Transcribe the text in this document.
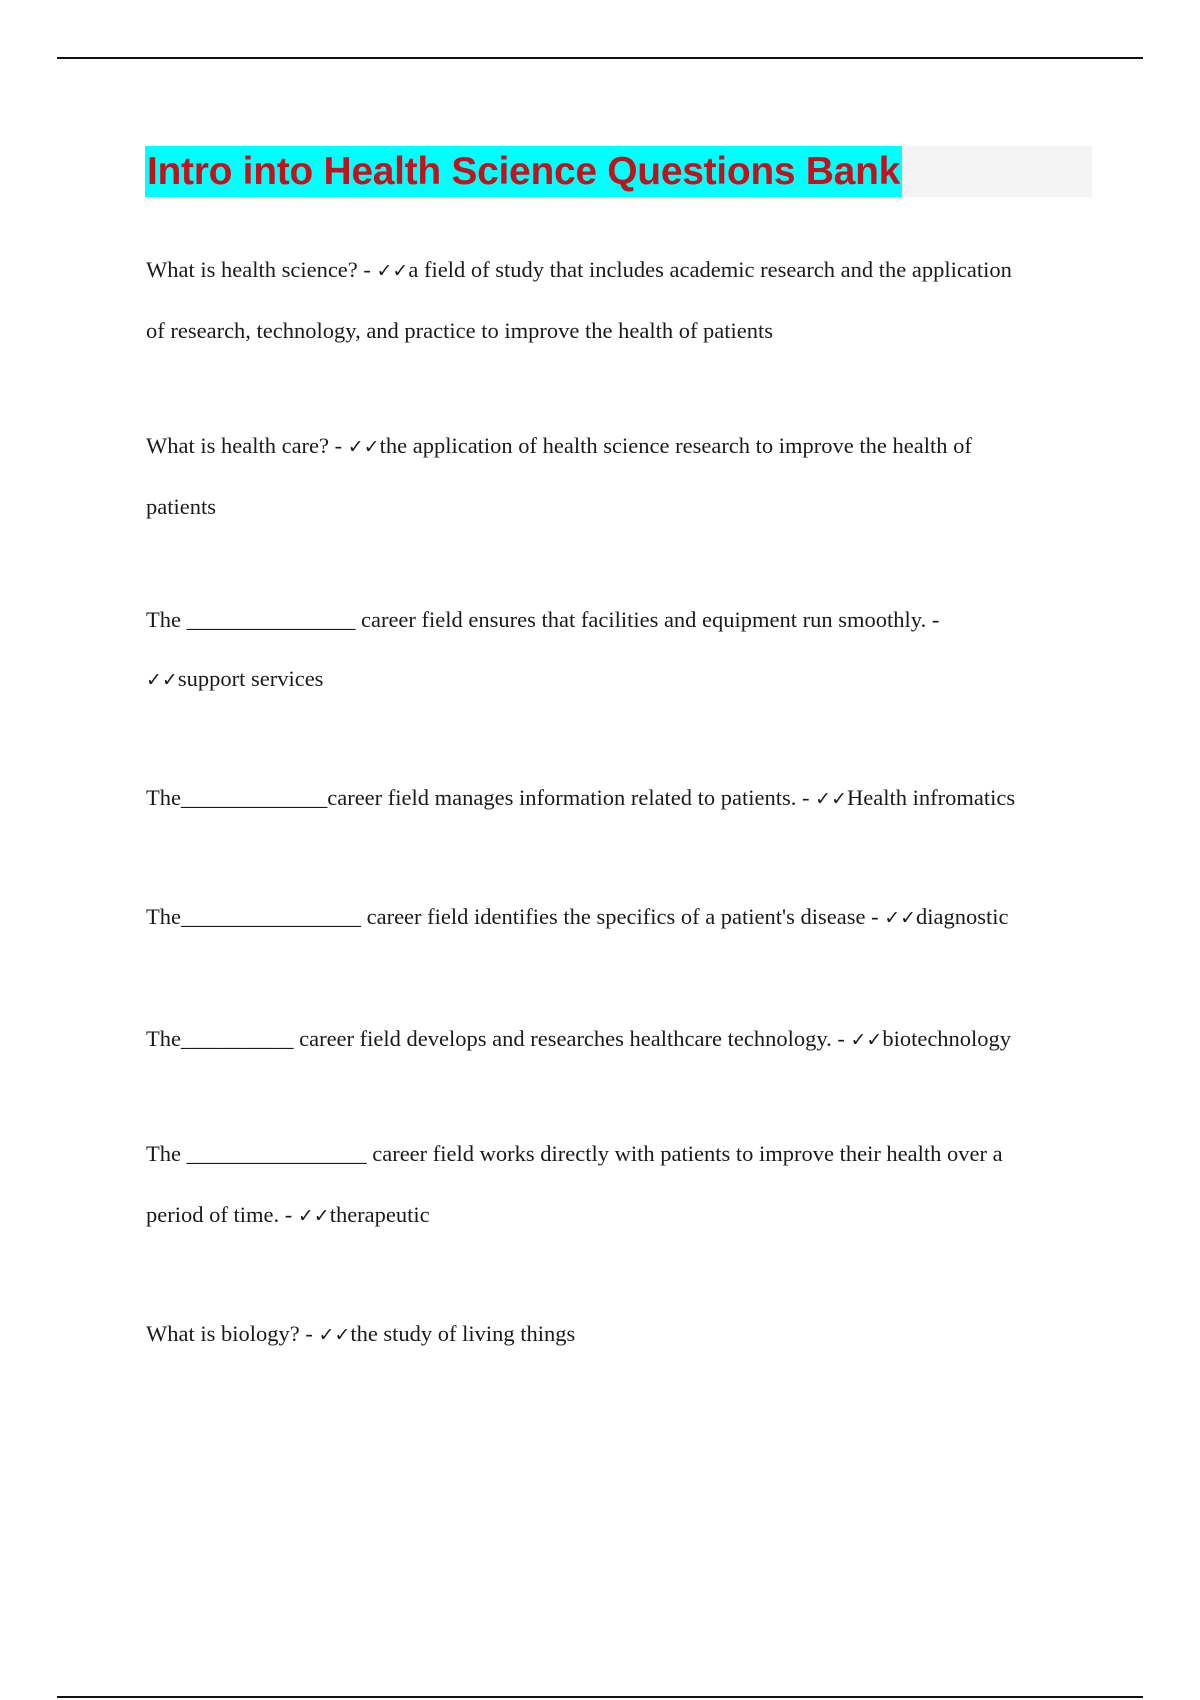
Intro into Health Science Questions Bank
What is health science? - ✓✓a field of study that includes academic research and the application
of research, technology, and practice to improve the health of patients
What is health care? - ✓✓the application of health science research to improve the health of
patients
The _______________ career field ensures that facilities and equipment run smoothly. -
✓✓support services
The_____________career field manages information related to patients. - ✓✓Health infromatics
The________________ career field identifies the specifics of a patient's disease - ✓✓diagnostic
The__________ career field develops and researches healthcare technology. - ✓✓biotechnology
The ________________ career field works directly with patients to improve their health over a
period of time. - ✓✓therapeutic
What is biology? - ✓✓the study of living things
